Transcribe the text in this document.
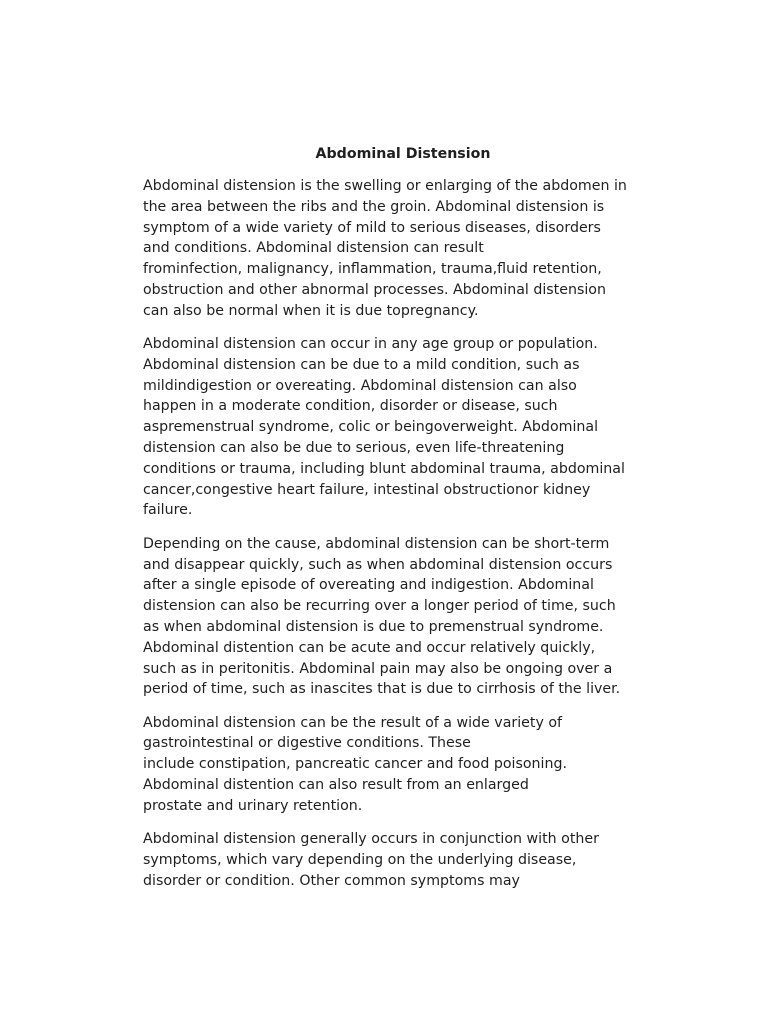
Abdominal Distension
Abdominal distension is the swelling or enlarging of the abdomen in
the area between the ribs and the groin. Abdominal distension is
symptom of a wide variety of mild to serious diseases, disorders
and conditions. Abdominal distension can result
frominfection, malignancy, inflammation, trauma,fluid retention,
obstruction and other abnormal processes. Abdominal distension
can also be normal when it is due topregnancy.
Abdominal distension can occur in any age group or population.
Abdominal distension can be due to a mild condition, such as
mildindigestion or overeating. Abdominal distension can also
happen in a moderate condition, disorder or disease, such
aspremenstrual syndrome, colic or beingoverweight. Abdominal
distension can also be due to serious, even life-threatening
conditions or trauma, including blunt abdominal trauma, abdominal
cancer,congestive heart failure, intestinal obstructionor kidney
failure.
Depending on the cause, abdominal distension can be short-term
and disappear quickly, such as when abdominal distension occurs
after a single episode of overeating and indigestion. Abdominal
distension can also be recurring over a longer period of time, such
as when abdominal distension is due to premenstrual syndrome.
Abdominal distention can be acute and occur relatively quickly,
such as in peritonitis. Abdominal pain may also be ongoing over a
period of time, such as inascites that is due to cirrhosis of the liver.
Abdominal distension can be the result of a wide variety of
gastrointestinal or digestive conditions. These
include constipation, pancreatic cancer and food poisoning.
Abdominal distention can also result from an enlarged
prostate and urinary retention.
Abdominal distension generally occurs in conjunction with other
symptoms, which vary depending on the underlying disease,
disorder or condition. Other common symptoms may
